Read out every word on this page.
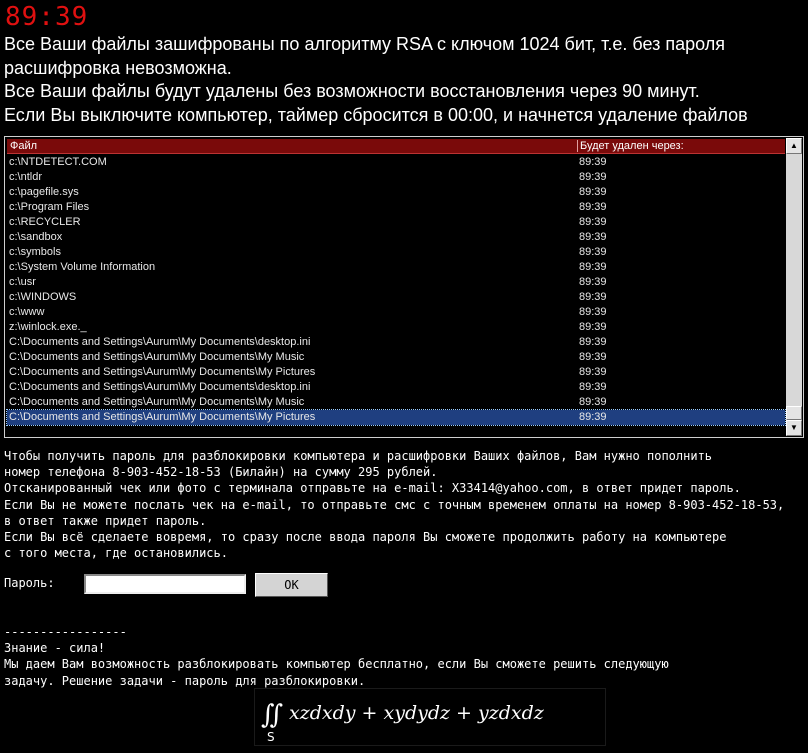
89:39
Все Ваши файлы зашифрованы по алгоритму RSA с ключом 1024 бит, т.е. без пароля
расшифровка невозможна.
Все Ваши файлы будут удалены без возможности восстановления через 90 минут.
Если Вы выключите компьютер, таймер сбросится в 00:00, и начнется удаление файлов
Файл	Будет удален через:
c:\NTDETECT.COM	89:39
c:\ntldr	89:39
c:\pagefile.sys	89:39
c:\Program Files	89:39
c:\RECYCLER	89:39
c:\sandbox	89:39
c:\symbols	89:39
c:\System Volume Information	89:39
c:\usr	89:39
c:\WINDOWS	89:39
c:\www	89:39
z:\winlock.exe._	89:39
C:\Documents and Settings\Aurum\My Documents\desktop.ini	89:39
C:\Documents and Settings\Aurum\My Documents\My Music	89:39
C:\Documents and Settings\Aurum\My Documents\My Pictures	89:39
C:\Documents and Settings\Aurum\My Documents\desktop.ini	89:39
C:\Documents and Settings\Aurum\My Documents\My Music	89:39
C:\Documents and Settings\Aurum\My Documents\My Pictures	89:39
▲
▼
Чтобы получить пароль для разблокировки компьютера и расшифровки Ваших файлов, Вам нужно пополнить
номер телефона 8-903-452-18-53 (Билайн) на сумму 295 рублей.
Отсканированный чек или фото с терминала отправьте на e-mail: X33414@yahoo.com, в ответ придет пароль.
Если Вы не можете послать чек на e-mail, то отправьте смс с точным временем оплаты на номер 8-903-452-18-53,
в ответ также придет пароль.
Если Вы всё сделаете вовремя, то сразу после ввода пароля Вы сможете продолжить работу на компьютере
с того места, где остановились.
Пароль:	OK
-----------------
Знание - сила!
Мы даем Вам возможность разблокировать компьютер бесплатно, если Вы сможете решить следующую
задачу. Решение задачи - пароль для разблокировки.
∬
S
xzdxdy + xydydz + yzdxdz
